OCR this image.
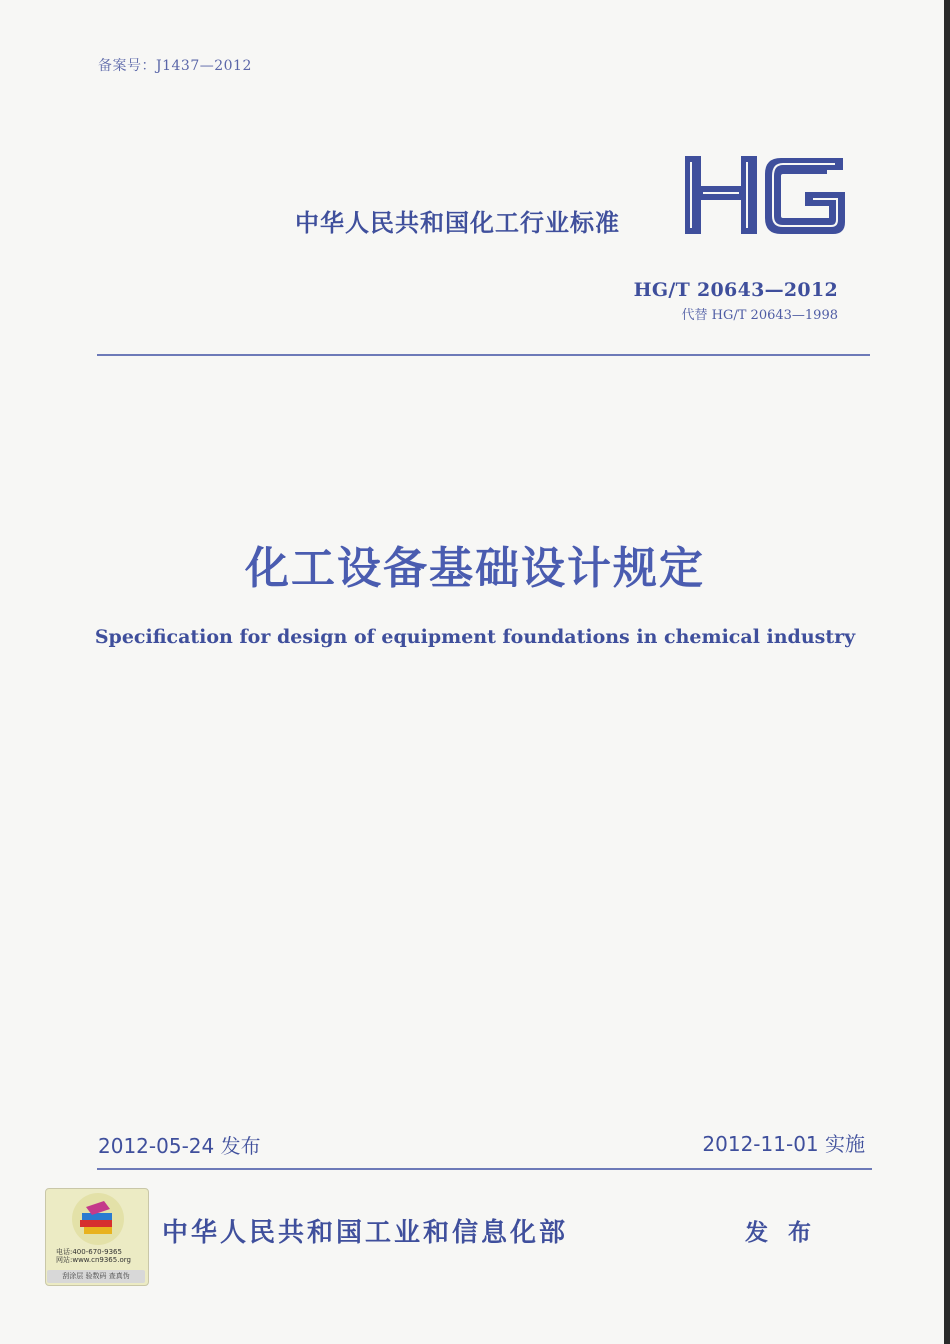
备案号：J1437—2012
中华人民共和国化工行业标准
HG/T 20643—2012
代替 HG/T 20643—1998
化工设备基础设计规定
Specification for design of equipment foundations in chemical industry
2012-05-24 发布	2012-11-01 实施
电话:400-670-9365
网站:www.cn9365.org
刮涂层 验数码 查真伪
中华人民共和国工业和信息化部	发 布
